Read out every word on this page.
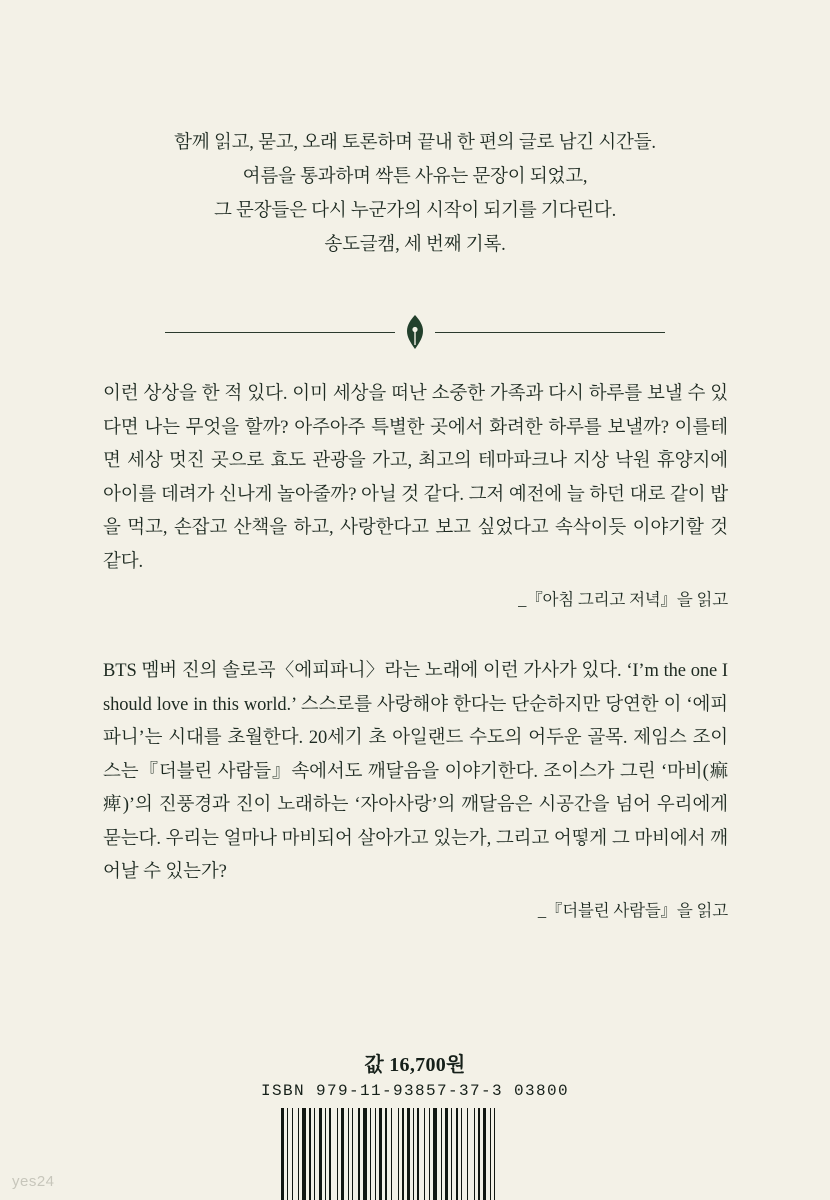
함께 읽고, 묻고, 오래 토론하며 끝내 한 편의 글로 남긴 시간들.
여름을 통과하며 싹튼 사유는 문장이 되었고,
그 문장들은 다시 누군가의 시작이 되기를 기다린다.
송도글캠, 세 번째 기록.
이런 상상을 한 적 있다. 이미 세상을 떠난 소중한 가족과 다시 하루를 보낼 수 있다면 나는 무엇을 할까? 아주아주 특별한 곳에서 화려한 하루를 보낼까? 이를테면 세상 멋진 곳으로 효도 관광을 가고, 최고의 테마파크나 지상 낙원 휴양지에 아이를 데려가 신나게 놀아줄까? 아닐 것 같다. 그저 예전에 늘 하던 대로 같이 밥을 먹고, 손잡고 산책을 하고, 사랑한다고 보고 싶었다고 속삭이듯 이야기할 것 같다.
_『아침 그리고 저녁』을 읽고
BTS 멤버 진의 솔로곡〈에피파니〉라는 노래에 이런 가사가 있다. ‘I’m the one I should love in this world.’ 스스로를 사랑해야 한다는 단순하지만 당연한 이 ‘에피파니’는 시대를 초월한다. 20세기 초 아일랜드 수도의 어두운 골목. 제임스 조이스는『더블린 사람들』속에서도 깨달음을 이야기한다. 조이스가 그린 ‘마비(痲痺)’의 진풍경과 진이 노래하는 ‘자아사랑’의 깨달음은 시공간을 넘어 우리에게 묻는다. 우리는 얼마나 마비되어 살아가고 있는가, 그리고 어떻게 그 마비에서 깨어날 수 있는가?
_『더블린 사람들』을 읽고
값 16,700원
ISBN 979-11-93857-37-3 03800
yes24
